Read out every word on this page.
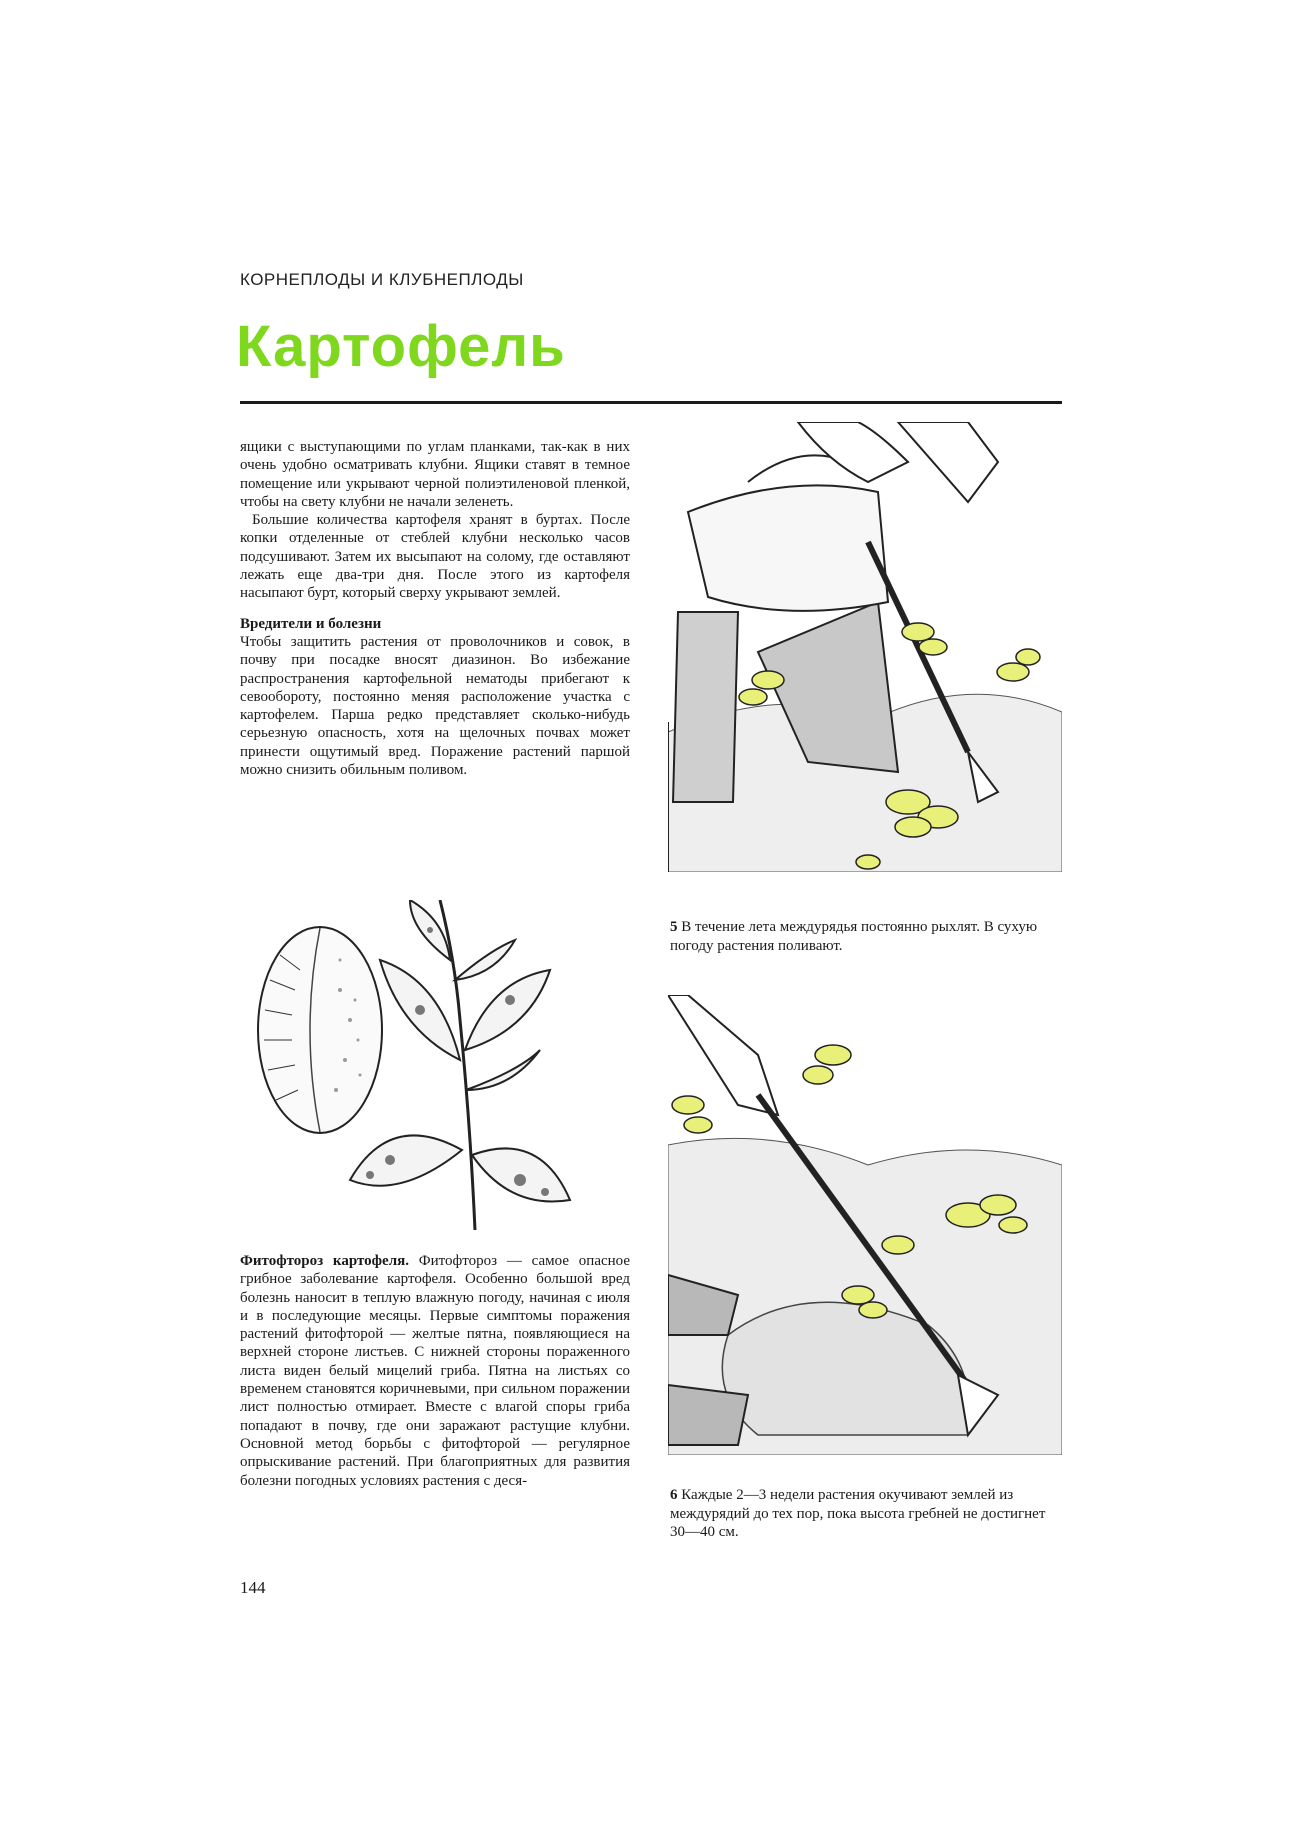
КОРНЕПЛОДЫ И КЛУБНЕПЛОДЫ
Картофель

ящики с выступающими по углам планками, так-как в них очень удобно осматривать клубни. Ящики ставят в темное помещение или укрывают черной полиэтиленовой пленкой, чтобы на свету клубни не начали зеленеть.

Большие количества картофеля хранят в буртах. После копки отделенные от стеблей клубни несколько часов подсушивают. Затем их высыпают на солому, где оставляют лежать еще двa-три дня. После этого из картофеля насыпают бурт, который сверху укрывают землей.

Вредители и болезни

Чтобы защитить растения от проволочников и совок, в почву при посадке вносят диазинон. Во избежание распространения картофельной нематоды прибегают к севообороту, постоянно меняя расположение участка с картофелем. Парша редко представляет сколько-нибудь серьезную опасность, хотя на щелочных почвах может принести ощутимый вред. Поражение растений паршой можно снизить обильным поливом.

Фитофтороз картофеля. Фитофтороз — самое опасное грибное заболевание картофеля. Особенно большой вред болезнь наносит в теплую влажную погоду, начиная с июля и в последующие месяцы. Первые симптомы поражения растений фитофторой — желтые пятна, появляющиеся на верхней стороне листьев. С нижней стороны пораженного листа виден белый мицелий гриба. Пятна на листьях со временем становятся коричневыми, при сильном поражении лист полностью отмирает. Вместе с влагой споры гриба попадают в почву, где они заражают растущие клубни. Основной метод борьбы с фитофторой — регулярное опрыскивание растений. При благоприятных для развития болезни погодных условиях растения с деся-

5 В течение лета междурядья постоянно рыхлят. В сухую погоду растения поливают.
6 Каждые 2—3 недели растения окучивают землей из междурядий до тех пор, пока высота гребней не достигнет 30—40 см.
144
